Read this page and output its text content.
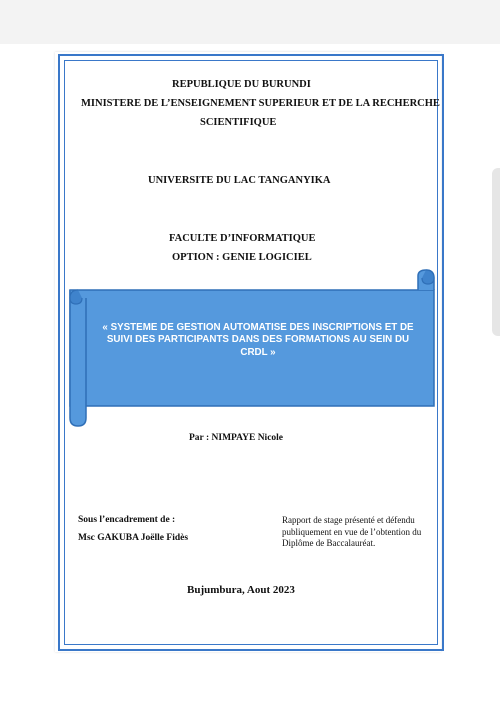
REPUBLIQUE DU BURUNDI
MINISTERE DE L’ENSEIGNEMENT SUPERIEUR ET DE LA RECHERCHE
SCIENTIFIQUE
UNIVERSITE DU LAC TANGANYIKA
FACULTE D’INFORMATIQUE
OPTION : GENIE LOGICIEL
« SYSTEME DE GESTION AUTOMATISE DES INSCRIPTIONS ET DE
SUIVI DES PARTICIPANTS DANS DES FORMATIONS AU SEIN DU
CRDL »
Par : NIMPAYE Nicole
Sous l’encadrement de :
Msc GAKUBA Joëlle Fidès
Rapport de stage présenté et défendu
publiquement en vue de l’obtention du
Diplôme de Baccalauréat.
Bujumbura, Aout 2023
